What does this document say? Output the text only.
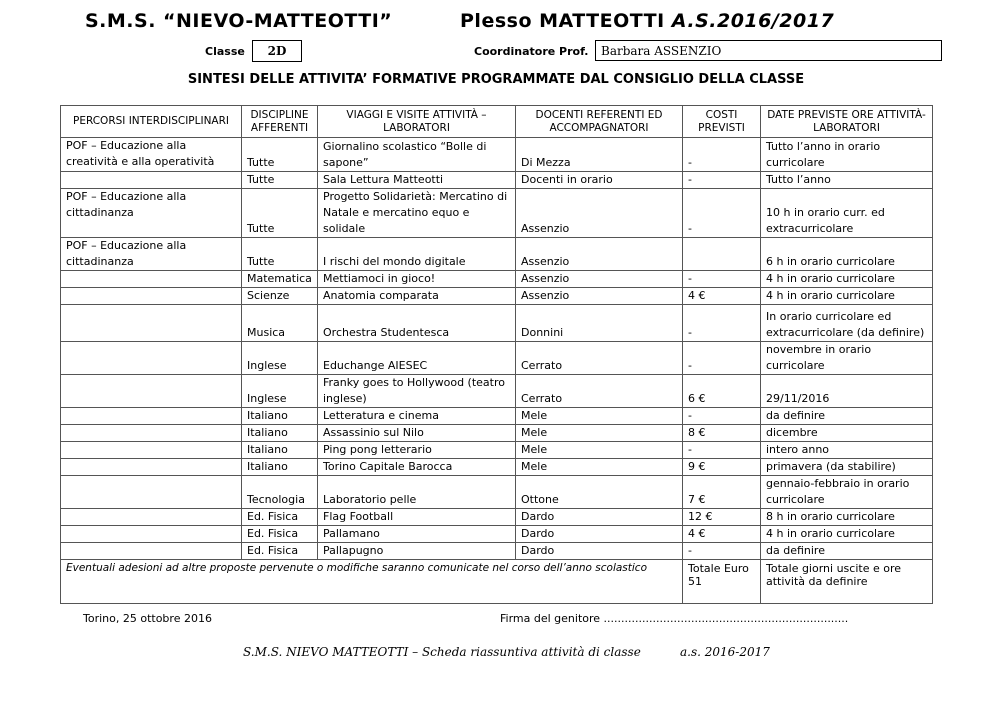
S.M.S. “NIEVO-MATTEOTTI”	Plesso MATTEOTTI A.S.2016/2017
Classe	2D	Coordinatore Prof.	Barbara ASSENZIO
SINTESI DELLE ATTIVITA’ FORMATIVE PROGRAMMATE DAL CONSIGLIO DELLA CLASSE
PERCORSI INTERDISCIPLINARI	DISCIPLINE AFFERENTI	VIAGGI E VISITE ATTIVITÀ – LABORATORI	DOCENTI REFERENTI ED ACCOMPAGNATORI	COSTI PREVISTI	DATE PREVISTE ORE ATTIVITÀ-LABORATORI
POF – Educazione alla creatività e alla operatività	Tutte	Giornalino scolastico “Bolle di sapone”	Di Mezza	-	Tutto l’anno in orario curricolare
	Tutte	Sala Lettura Matteotti	Docenti in orario	-	Tutto l’anno
POF – Educazione alla cittadinanza	Tutte	Progetto Solidarietà: Mercatino di Natale e mercatino equo e solidale	Assenzio	-	10 h in orario curr. ed extracurricolare
POF – Educazione alla cittadinanza	Tutte	I rischi del mondo digitale	Assenzio		6 h in orario curricolare
	Matematica	Mettiamoci in gioco!	Assenzio	-	4 h in orario curricolare
	Scienze	Anatomia comparata	Assenzio	4 €	4 h in orario curricolare
	Musica	Orchestra Studentesca	Donnini	-	In orario curricolare ed extracurricolare (da definire)
	Inglese	Educhange AIESEC	Cerrato	-	novembre in orario curricolare
	Inglese	Franky goes to Hollywood (teatro inglese)	Cerrato	6 €	29/11/2016
	Italiano	Letteratura e cinema	Mele	-	da definire
	Italiano	Assassinio sul Nilo	Mele	8 €	dicembre
	Italiano	Ping pong letterario	Mele	-	intero anno
	Italiano	Torino Capitale Barocca	Mele	9 €	primavera (da stabilire)
	Tecnologia	Laboratorio pelle	Ottone	7 €	gennaio-febbraio in orario curricolare
	Ed. Fisica	Flag Football	Dardo	12 €	8 h in orario curricolare
	Ed. Fisica	Pallamano	Dardo	4 €	4 h in orario curricolare
	Ed. Fisica	Pallapugno	Dardo	-	da definire
Eventuali adesioni ad altre proposte pervenute o modifiche saranno comunicate nel corso dell’anno scolastico				Totale Euro 51	Totale giorni uscite e ore attività da definire
Torino, 25 ottobre 2016	Firma del genitore ......................................................................
S.M.S. NIEVO MATTEOTTI – Scheda riassuntiva attività di classe	a.s. 2016-2017
